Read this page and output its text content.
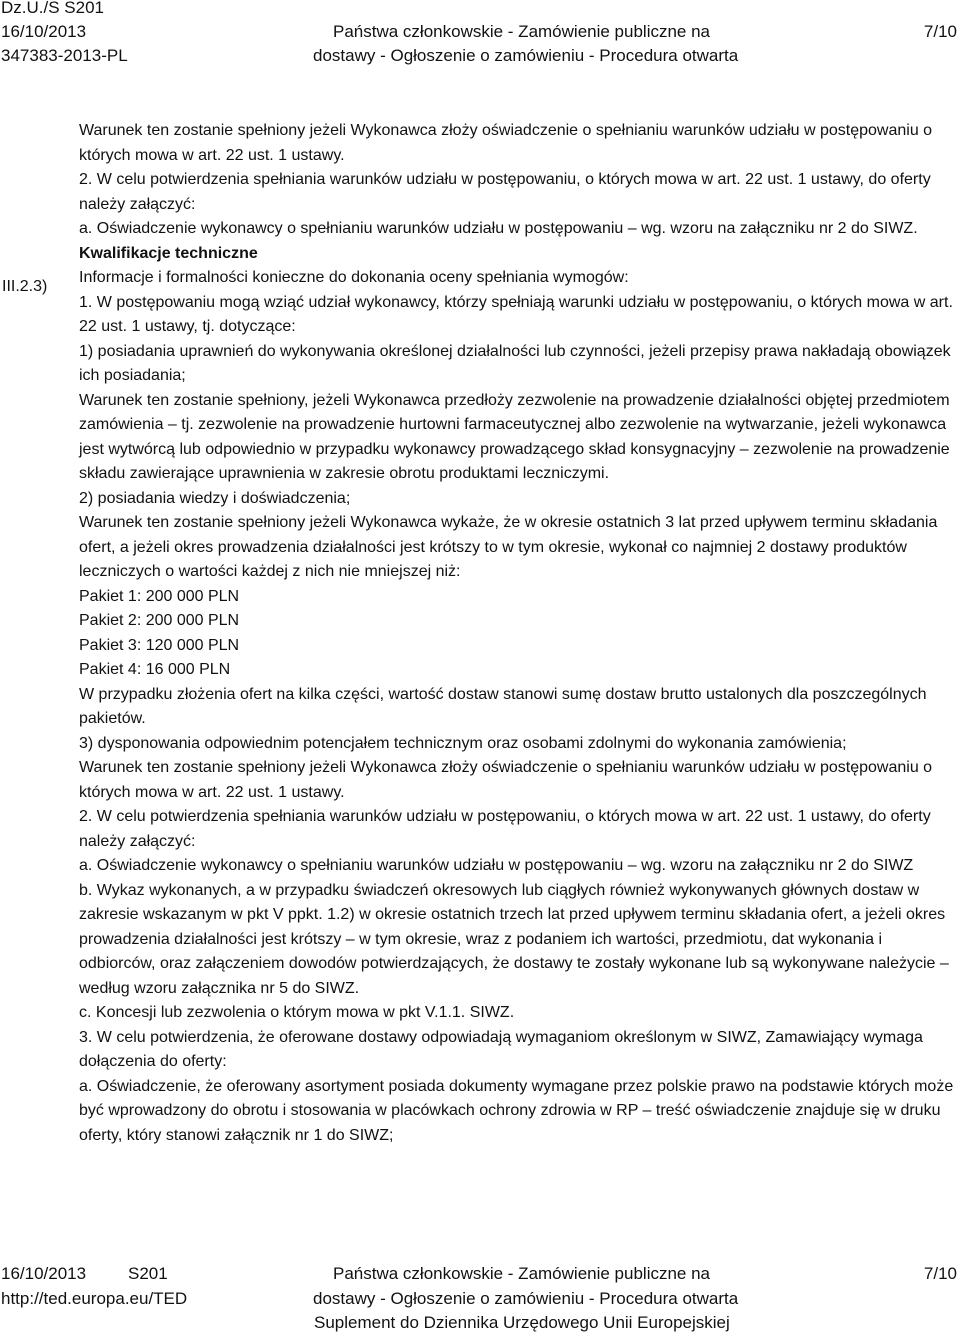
Dz.U./S S201
16/10/2013
347383-2013-PL
Państwa członkowskie - Zamówienie publiczne na
dostawy - Ogłoszenie o zamówieniu - Procedura otwarta
7/10
III.2.3)

Warunek ten zostanie spełniony jeżeli Wykonawca złoży oświadczenie o spełnianiu warunków udziału w postępowaniu o których mowa w art. 22 ust. 1 ustawy.

2. W celu potwierdzenia spełniania warunków udziału w postępowaniu, o których mowa w art. 22 ust. 1 ustawy, do oferty należy załączyć:

a. Oświadczenie wykonawcy o spełnianiu warunków udziału w postępowaniu – wg. wzoru na załączniku nr 2 do SIWZ.

Kwalifikacje techniczne

Informacje i formalności konieczne do dokonania oceny spełniania wymogów:

1. W postępowaniu mogą wziąć udział wykonawcy, którzy spełniają warunki udziału w postępowaniu, o których mowa w art. 22 ust. 1 ustawy, tj. dotyczące:

1) posiadania uprawnień do wykonywania określonej działalności lub czynności, jeżeli przepisy prawa nakładają obowiązek ich posiadania;

Warunek ten zostanie spełniony, jeżeli Wykonawca przedłoży zezwolenie na prowadzenie działalności objętej przedmiotem zamówienia – tj. zezwolenie na prowadzenie hurtowni farmaceutycznej albo zezwolenie na wytwarzanie, jeżeli wykonawca jest wytwórcą lub odpowiednio w przypadku wykonawcy prowadzącego skład konsygnacyjny – zezwolenie na prowadzenie składu zawierające uprawnienia w zakresie obrotu produktami leczniczymi.

2) posiadania wiedzy i doświadczenia;

Warunek ten zostanie spełniony jeżeli Wykonawca wykaże, że w okresie ostatnich 3 lat przed upływem terminu składania ofert, a jeżeli okres prowadzenia działalności jest krótszy to w tym okresie, wykonał co najmniej 2 dostawy produktów leczniczych o wartości każdej z nich nie mniejszej niż:

Pakiet 1: 200 000 PLN

Pakiet 2: 200 000 PLN

Pakiet 3: 120 000 PLN

Pakiet 4: 16 000 PLN

W przypadku złożenia ofert na kilka części, wartość dostaw stanowi sumę dostaw brutto ustalonych dla poszczególnych pakietów.

3) dysponowania odpowiednim potencjałem technicznym oraz osobami zdolnymi do wykonania zamówienia;

Warunek ten zostanie spełniony jeżeli Wykonawca złoży oświadczenie o spełnianiu warunków udziału w postępowaniu o których mowa w art. 22 ust. 1 ustawy.

2. W celu potwierdzenia spełniania warunków udziału w postępowaniu, o których mowa w art. 22 ust. 1 ustawy, do oferty należy załączyć:

a. Oświadczenie wykonawcy o spełnianiu warunków udziału w postępowaniu – wg. wzoru na załączniku nr 2 do SIWZ

b. Wykaz wykonanych, a w przypadku świadczeń okresowych lub ciągłych również wykonywanych głównych dostaw w zakresie wskazanym w pkt V ppkt. 1.2) w okresie ostatnich trzech lat przed upływem terminu składania ofert, a jeżeli okres prowadzenia działalności jest krótszy – w tym okresie, wraz z podaniem ich wartości, przedmiotu, dat wykonania i odbiorców, oraz załączeniem dowodów potwierdzających, że dostawy te zostały wykonane lub są wykonywane należycie – według wzoru załącznika nr 5 do SIWZ.

c. Koncesji lub zezwolenia o którym mowa w pkt V.1.1. SIWZ.

3. W celu potwierdzenia, że oferowane dostawy odpowiadają wymaganiom określonym w SIWZ, Zamawiający wymaga dołączenia do oferty:

a. Oświadczenie, że oferowany asortyment posiada dokumenty wymagane przez polskie prawo na podstawie których może być wprowadzony do obrotu i stosowania w placówkach ochrony zdrowia w RP – treść oświadczenie znajduje się w druku oferty, który stanowi załącznik nr 1 do SIWZ;

16/10/2013 S201
http://ted.europa.eu/TED
Państwa członkowskie - Zamówienie publiczne na
dostawy - Ogłoszenie o zamówieniu - Procedura otwarta
Suplement do Dziennika Urzędowego Unii Europejskiej
7/10
